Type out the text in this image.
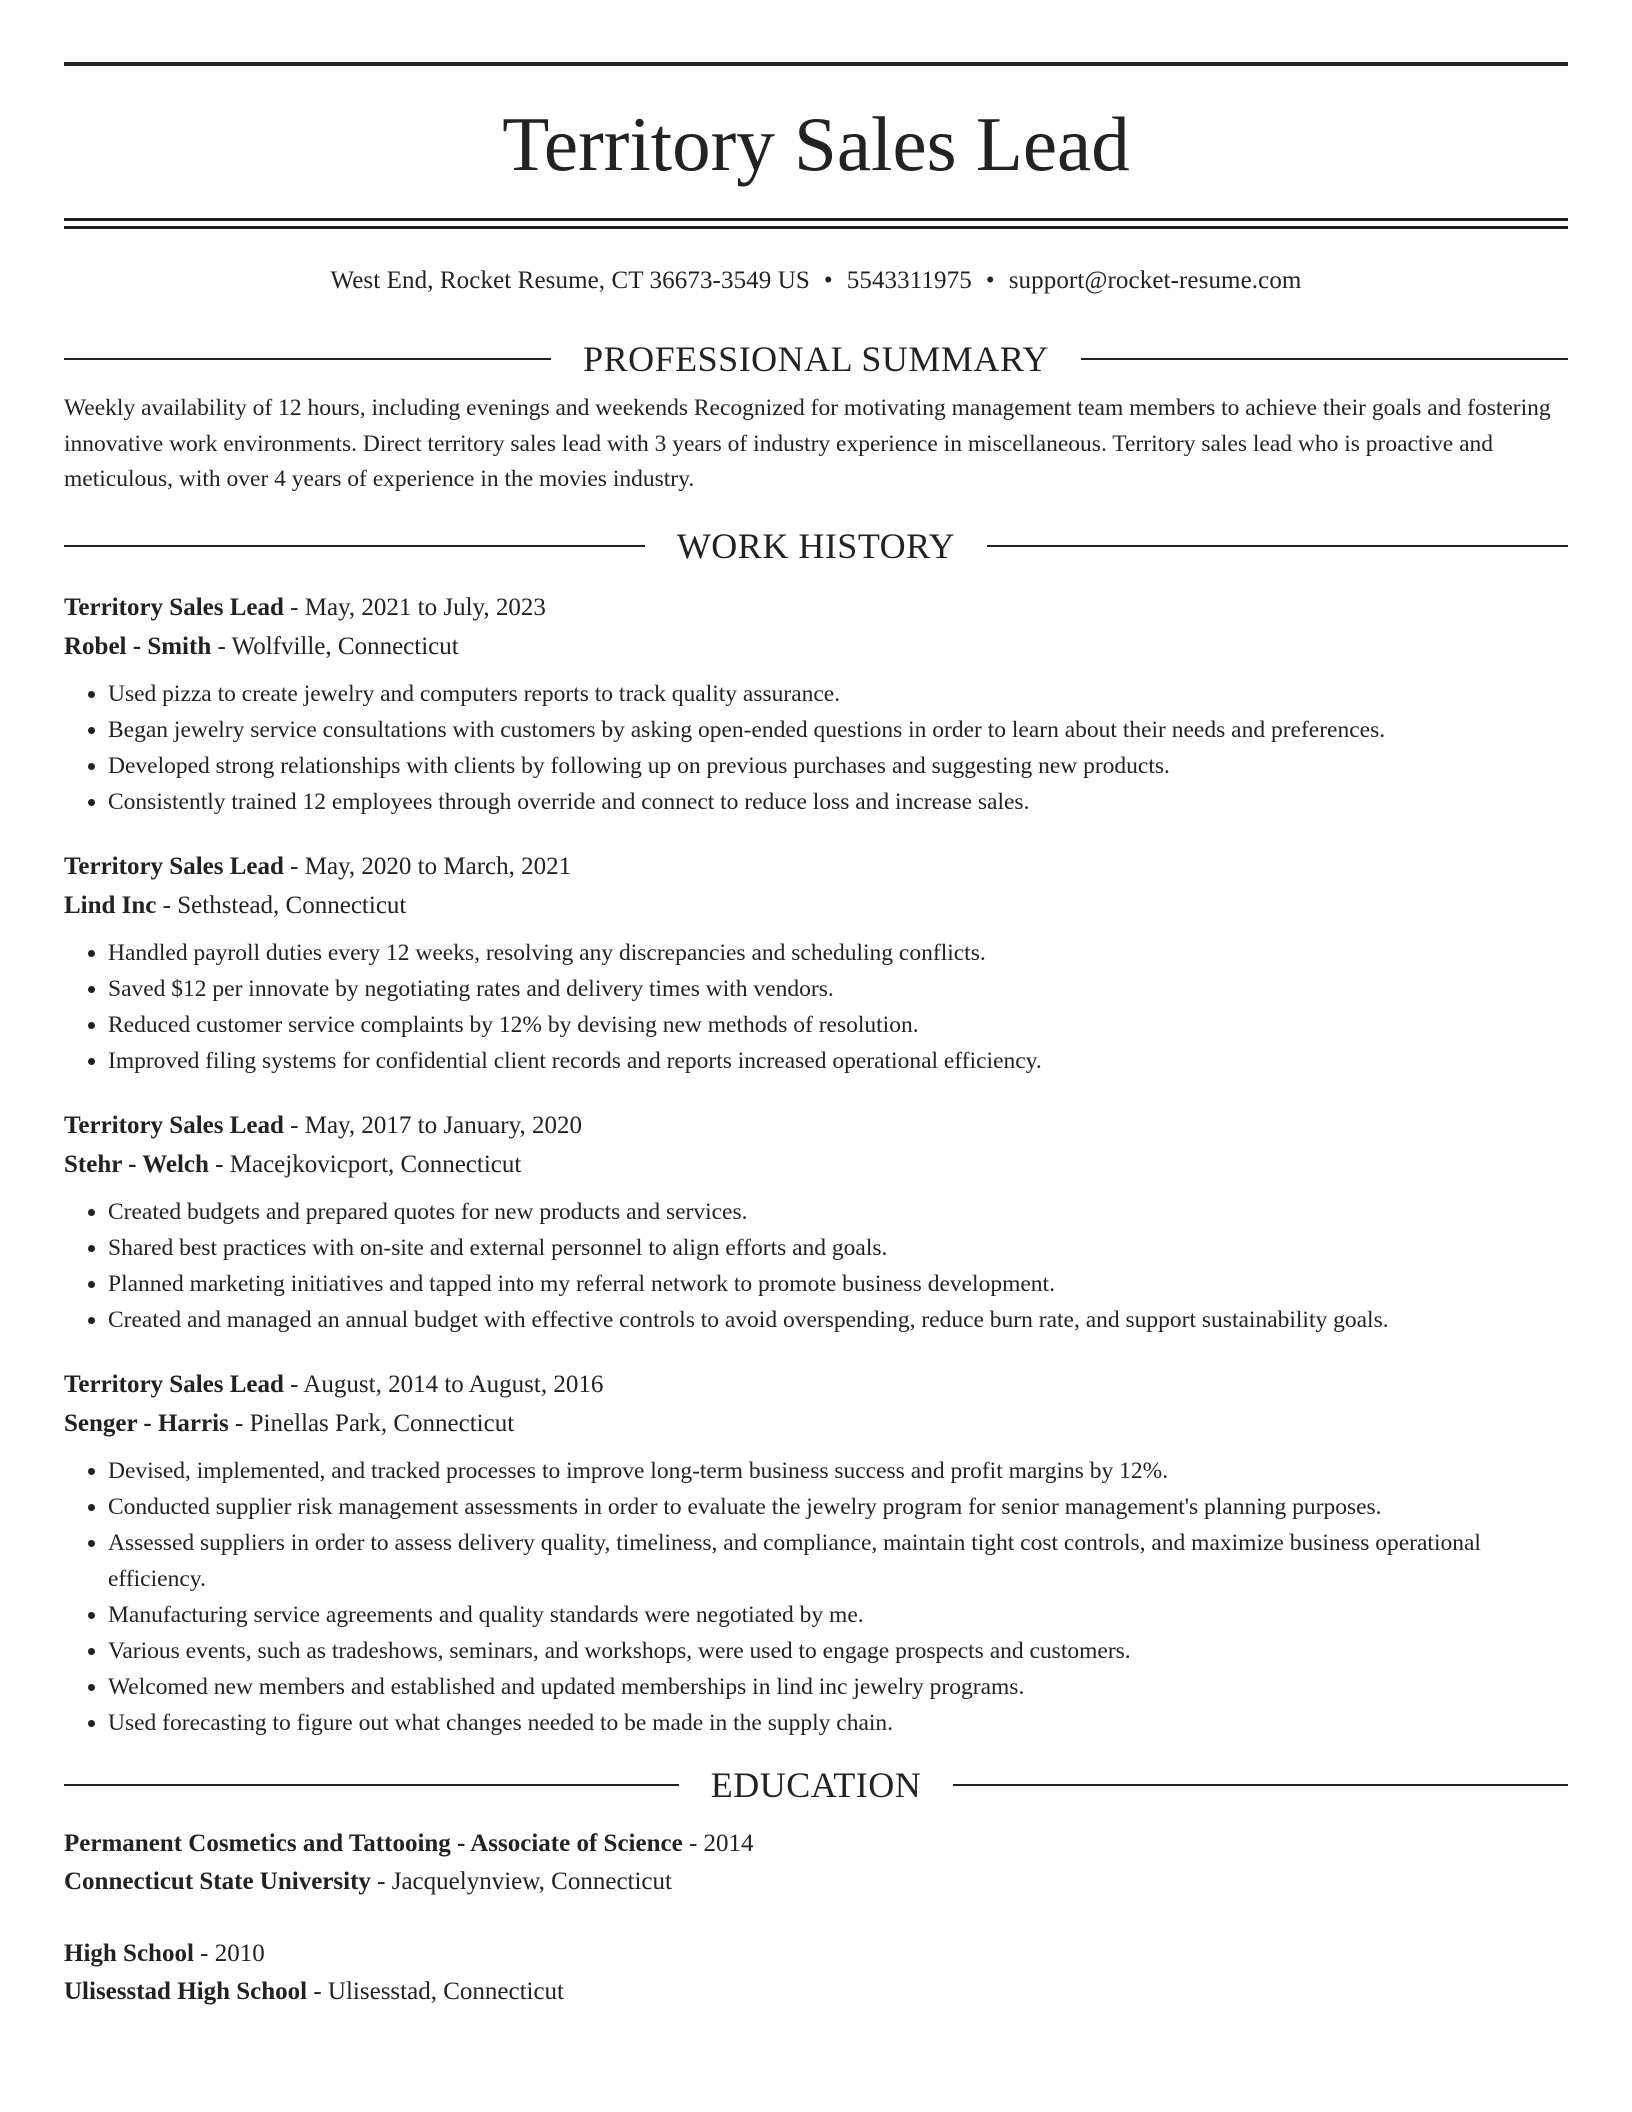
Territory Sales Lead
West End, Rocket Resume, CT 36673-3549 US • 5543311975 • support@rocket-resume.com
PROFESSIONAL SUMMARY
Weekly availability of 12 hours, including evenings and weekends Recognized for motivating management team members to achieve their goals and fostering innovative work environments. Direct territory sales lead with 3 years of industry experience in miscellaneous. Territory sales lead who is proactive and meticulous, with over 4 years of experience in the movies industry.
WORK HISTORY
Territory Sales Lead - May, 2021 to July, 2023
Robel - Smith - Wolfville, Connecticut
• Used pizza to create jewelry and computers reports to track quality assurance.
• Began jewelry service consultations with customers by asking open-ended questions in order to learn about their needs and preferences.
• Developed strong relationships with clients by following up on previous purchases and suggesting new products.
• Consistently trained 12 employees through override and connect to reduce loss and increase sales.
Territory Sales Lead - May, 2020 to March, 2021
Lind Inc - Sethstead, Connecticut
• Handled payroll duties every 12 weeks, resolving any discrepancies and scheduling conflicts.
• Saved $12 per innovate by negotiating rates and delivery times with vendors.
• Reduced customer service complaints by 12% by devising new methods of resolution.
• Improved filing systems for confidential client records and reports increased operational efficiency.
Territory Sales Lead - May, 2017 to January, 2020
Stehr - Welch - Macejkovicport, Connecticut
• Created budgets and prepared quotes for new products and services.
• Shared best practices with on-site and external personnel to align efforts and goals.
• Planned marketing initiatives and tapped into my referral network to promote business development.
• Created and managed an annual budget with effective controls to avoid overspending, reduce burn rate, and support sustainability goals.
Territory Sales Lead - August, 2014 to August, 2016
Senger - Harris - Pinellas Park, Connecticut
• Devised, implemented, and tracked processes to improve long-term business success and profit margins by 12%.
• Conducted supplier risk management assessments in order to evaluate the jewelry program for senior management's planning purposes.
• Assessed suppliers in order to assess delivery quality, timeliness, and compliance, maintain tight cost controls, and maximize business operational efficiency.
• Manufacturing service agreements and quality standards were negotiated by me.
• Various events, such as tradeshows, seminars, and workshops, were used to engage prospects and customers.
• Welcomed new members and established and updated memberships in lind inc jewelry programs.
• Used forecasting to figure out what changes needed to be made in the supply chain.
EDUCATION
Permanent Cosmetics and Tattooing - Associate of Science - 2014
Connecticut State University - Jacquelynview, Connecticut
High School - 2010
Ulisesstad High School - Ulisesstad, Connecticut
